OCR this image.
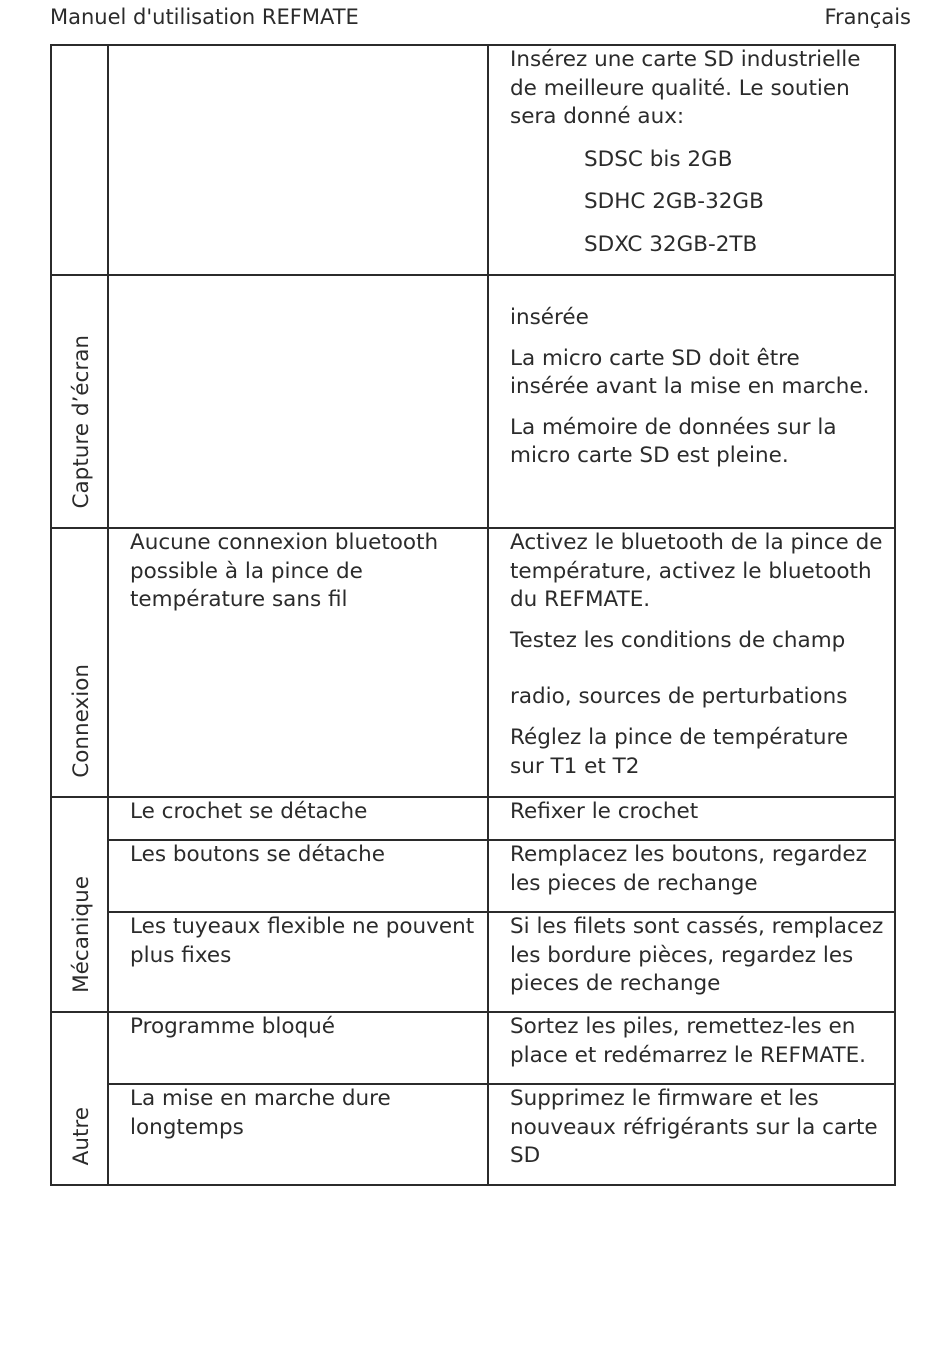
Manuel d'utilisation REFMATE	Français

		Insérez une carte SD industrielle de meilleure qualité. Le soutien sera donné aux:

SDSC bis 2GB

SDHC 2GB-32GB

SDXC 32GB-2TB

Capture d’écran		insérée

La micro carte SD doit être insérée avant la mise en marche.

La mémoire de données sur la micro carte SD est pleine.

Connexion	Aucune connexion bluetooth possible à la pince de température sans fil	Activez le bluetooth de la pince de température, activez le bluetooth du REFMATE.

Testez les conditions de champ

radio, sources de perturbations

Réglez la pince de température sur T1 et T2

Mécanique	Le crochet se détache	Refixer le crochet

	Les boutons se détache	Remplacez les boutons, regardez les pieces de rechange

	Les tuyeaux flexible ne pouvent plus fixes	Si les filets sont cassés, remplacez les bordure pièces, regardez les pieces de rechange

Autre	Programme bloqué	Sortez les piles, remettez-les en place et redémarrez le REFMATE.

	La mise en marche dure longtemps	Supprimez le firmware et les nouveaux réfrigérants sur la carte SD
